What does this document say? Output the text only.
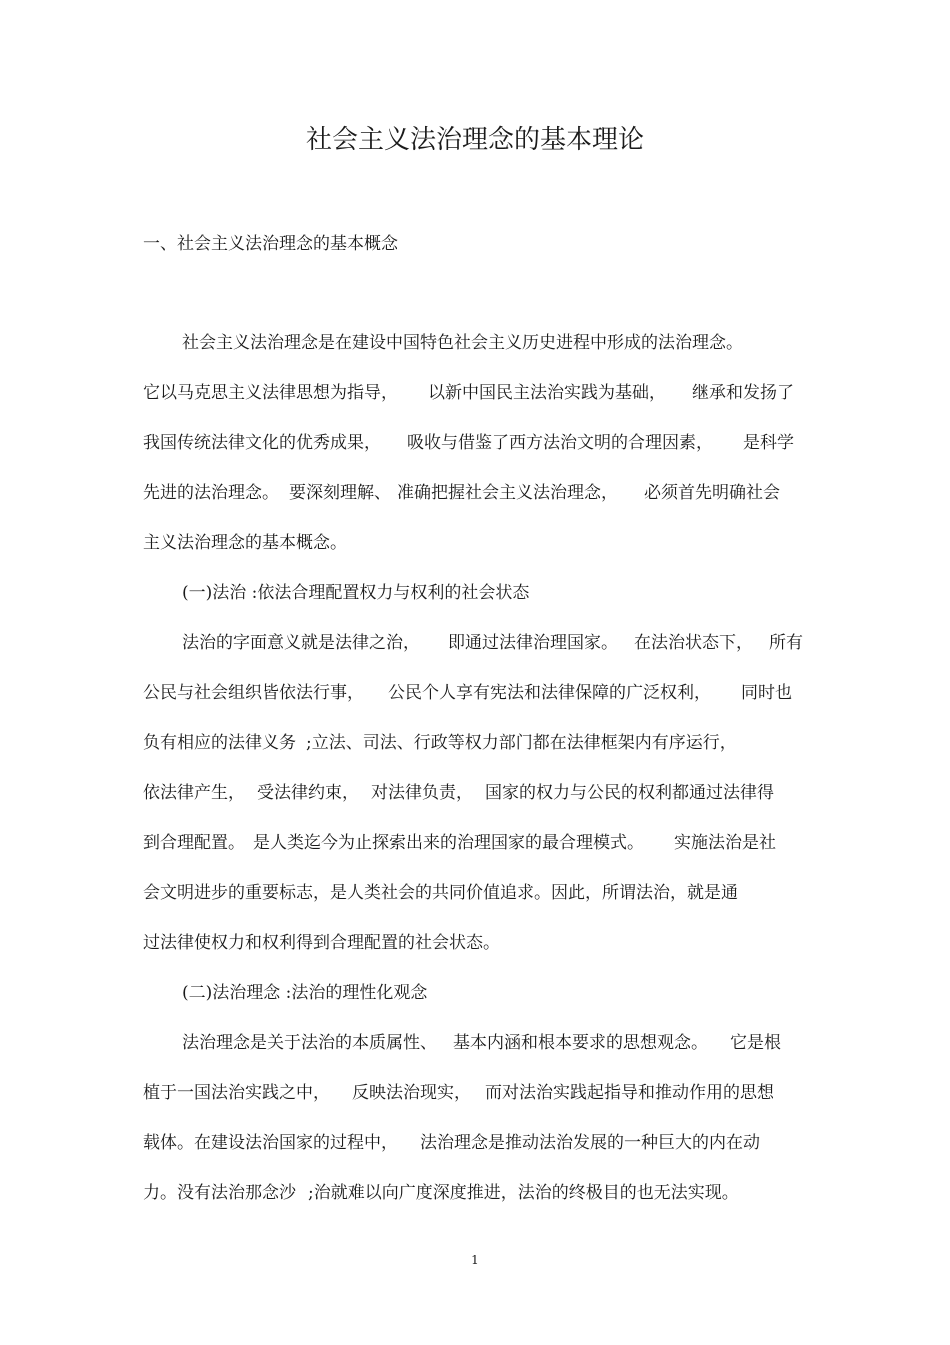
社会主义法治理念的基本理论
一、社会主义法治理念的基本概念
社会主义法治理念是在建设中国特色社会主义历史进程中形成的法治理念。
它以马克思主义法律思想为指导， 以新中国民主法治实践为基础， 继承和发扬了
我国传统法律文化的优秀成果， 吸收与借鉴了西方法治文明的合理因素， 是科学
先进的法治理念。 要深刻理解、 准确把握社会主义法治理念， 必须首先明确社会
主义法治理念的基本概念。
(一)法治 :依法合理配置权力与权利的社会状态
法治的字面意义就是法律之治， 即通过法律治理国家。 在法治状态下， 所有
公民与社会组织皆依法行事， 公民个人享有宪法和法律保障的广泛权利， 同时也
负有相应的法律义务 ;立法、司法、行政等权力部门都在法律框架内有序运行，
依法律产生， 受法律约束， 对法律负责， 国家的权力与公民的权利都通过法律得
到合理配置。 是人类迄今为止探索出来的治理国家的最合理模式。 实施法治是社
会文明进步的重要标志，是人类社会的共同价值追求。因此，所谓法治，就是通
过法律使权力和权利得到合理配置的社会状态。
(二)法治理念 :法治的理性化观念
法治理念是关于法治的本质属性、 基本内涵和根本要求的思想观念。 它是根
植于一国法治实践之中， 反映法治现实， 而对法治实践起指导和推动作用的思想
载体。在建设法治国家的过程中， 法治理念是推动法治发展的一种巨大的内在动
力。没有法治那念沙 ;治就难以向广度深度推进，法治的终极目的也无法实现。
1
